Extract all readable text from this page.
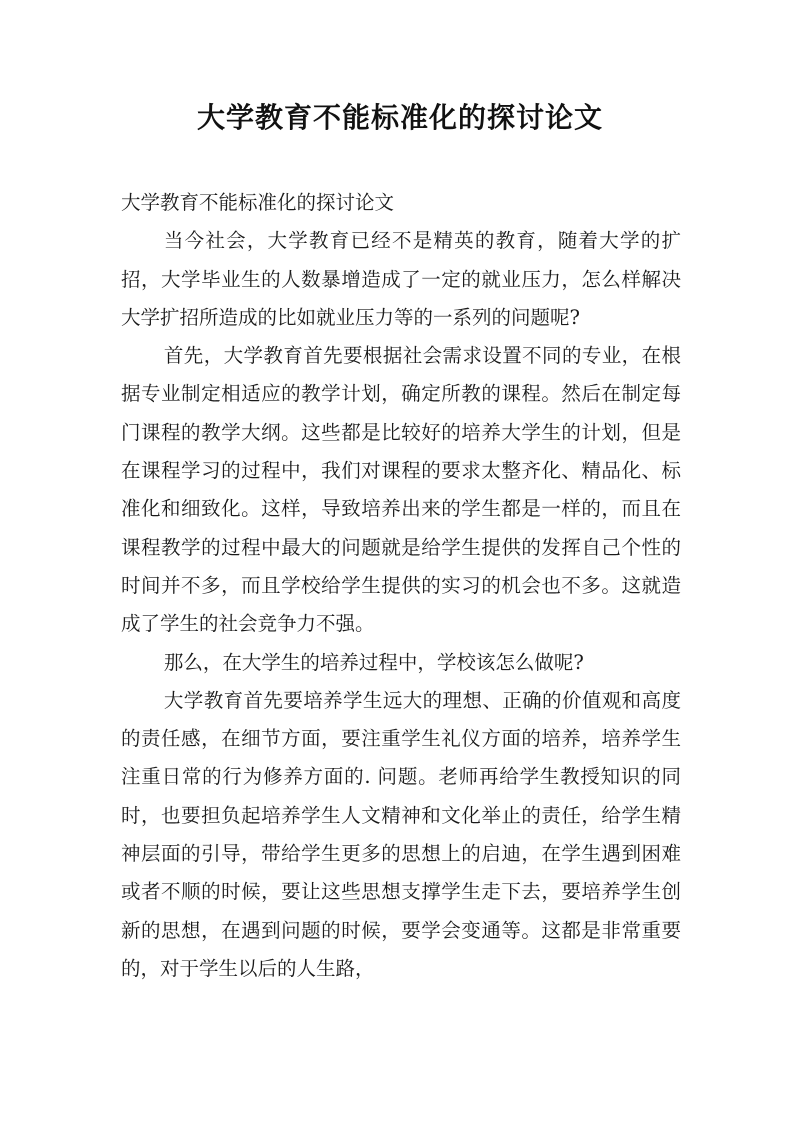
大学教育不能标准化的探讨论文

大学教育不能标准化的探讨论文

当今社会，大学教育已经不是精英的教育，随着大学的扩招，大学毕业生的人数暴增造成了一定的就业压力，怎么样解决大学扩招所造成的比如就业压力等的一系列的问题呢?

首先，大学教育首先要根据社会需求设置不同的专业，在根据专业制定相适应的教学计划，确定所教的课程。然后在制定每门课程的教学大纲。这些都是比较好的培养大学生的计划，但是在课程学习的过程中，我们对课程的要求太整齐化、精品化、标准化和细致化。这样，导致培养出来的学生都是一样的，而且在课程教学的过程中最大的问题就是给学生提供的发挥自己个性的时间并不多，而且学校给学生提供的实习的机会也不多。这就造成了学生的社会竞争力不强。

那么，在大学生的培养过程中，学校该怎么做呢?

大学教育首先要培养学生远大的理想、正确的价值观和高度的责任感，在细节方面，要注重学生礼仪方面的培养，培养学生注重日常的行为修养方面的. 问题。老师再给学生教授知识的同时，也要担负起培养学生人文精神和文化举止的责任，给学生精神层面的引导，带给学生更多的思想上的启迪，在学生遇到困难或者不顺的时候，要让这些思想支撑学生走下去，要培养学生创新的思想，在遇到问题的时候，要学会变通等。这都是非常重要的，对于学生以后的人生路，
